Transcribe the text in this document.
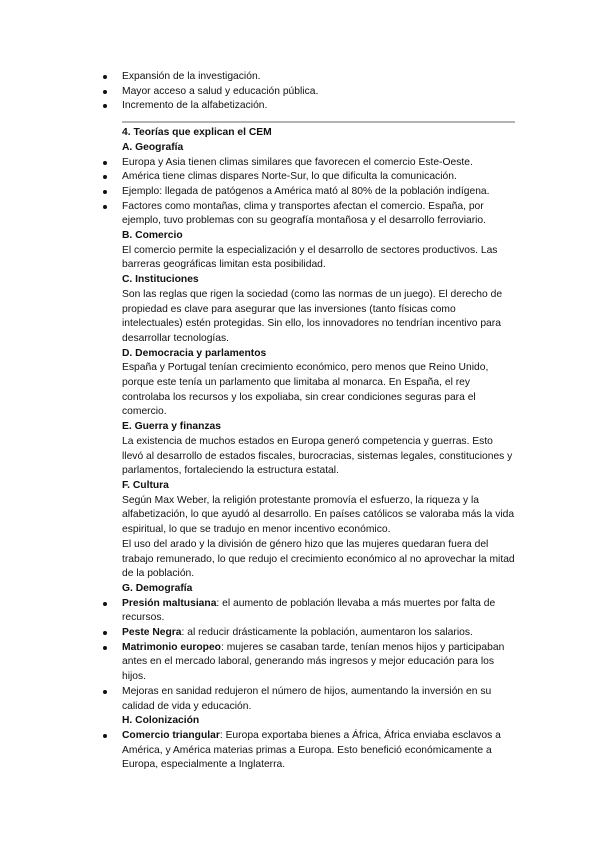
Expansión de la investigación.
Mayor acceso a salud y educación pública.
Incremento de la alfabetización.
4. Teorías que explican el CEM
A. Geografía
Europa y Asia tienen climas similares que favorecen el comercio Este-Oeste.
América tiene climas dispares Norte-Sur, lo que dificulta la comunicación.
Ejemplo: llegada de patógenos a América mató al 80% de la población indígena.
Factores como montañas, clima y transportes afectan el comercio. España, por ejemplo, tuvo problemas con su geografía montañosa y el desarrollo ferroviario.
B. Comercio

El comercio permite la especialización y el desarrollo de sectores productivos. Las barreras geográficas limitan esta posibilidad.

C. Instituciones

Son las reglas que rigen la sociedad (como las normas de un juego). El derecho de propiedad es clave para asegurar que las inversiones (tanto físicas como intelectuales) estén protegidas. Sin ello, los innovadores no tendrían incentivo para desarrollar tecnologías.

D. Democracia y parlamentos

España y Portugal tenían crecimiento económico, pero menos que Reino Unido, porque este tenía un parlamento que limitaba al monarca. En España, el rey controlaba los recursos y los expoliaba, sin crear condiciones seguras para el comercio.

E. Guerra y finanzas

La existencia de muchos estados en Europa generó competencia y guerras. Esto llevó al desarrollo de estados fiscales, burocracias, sistemas legales, constituciones y parlamentos, fortaleciendo la estructura estatal.

F. Cultura

Según Max Weber, la religión protestante promovía el esfuerzo, la riqueza y la alfabetización, lo que ayudó al desarrollo. En países católicos se valoraba más la vida espiritual, lo que se tradujo en menor incentivo económico.

El uso del arado y la división de género hizo que las mujeres quedaran fuera del trabajo remunerado, lo que redujo el crecimiento económico al no aprovechar la mitad de la población.

G. Demografía
Presión maltusiana: el aumento de población llevaba a más muertes por falta de recursos.
Peste Negra: al reducir drásticamente la población, aumentaron los salarios.
Matrimonio europeo: mujeres se casaban tarde, tenían menos hijos y participaban antes en el mercado laboral, generando más ingresos y mejor educación para los hijos.
Mejoras en sanidad redujeron el número de hijos, aumentando la inversión en su calidad de vida y educación.
H. Colonización
Comercio triangular: Europa exportaba bienes a África, África enviaba esclavos a América, y América materias primas a Europa. Esto benefició económicamente a Europa, especialmente a Inglaterra.
